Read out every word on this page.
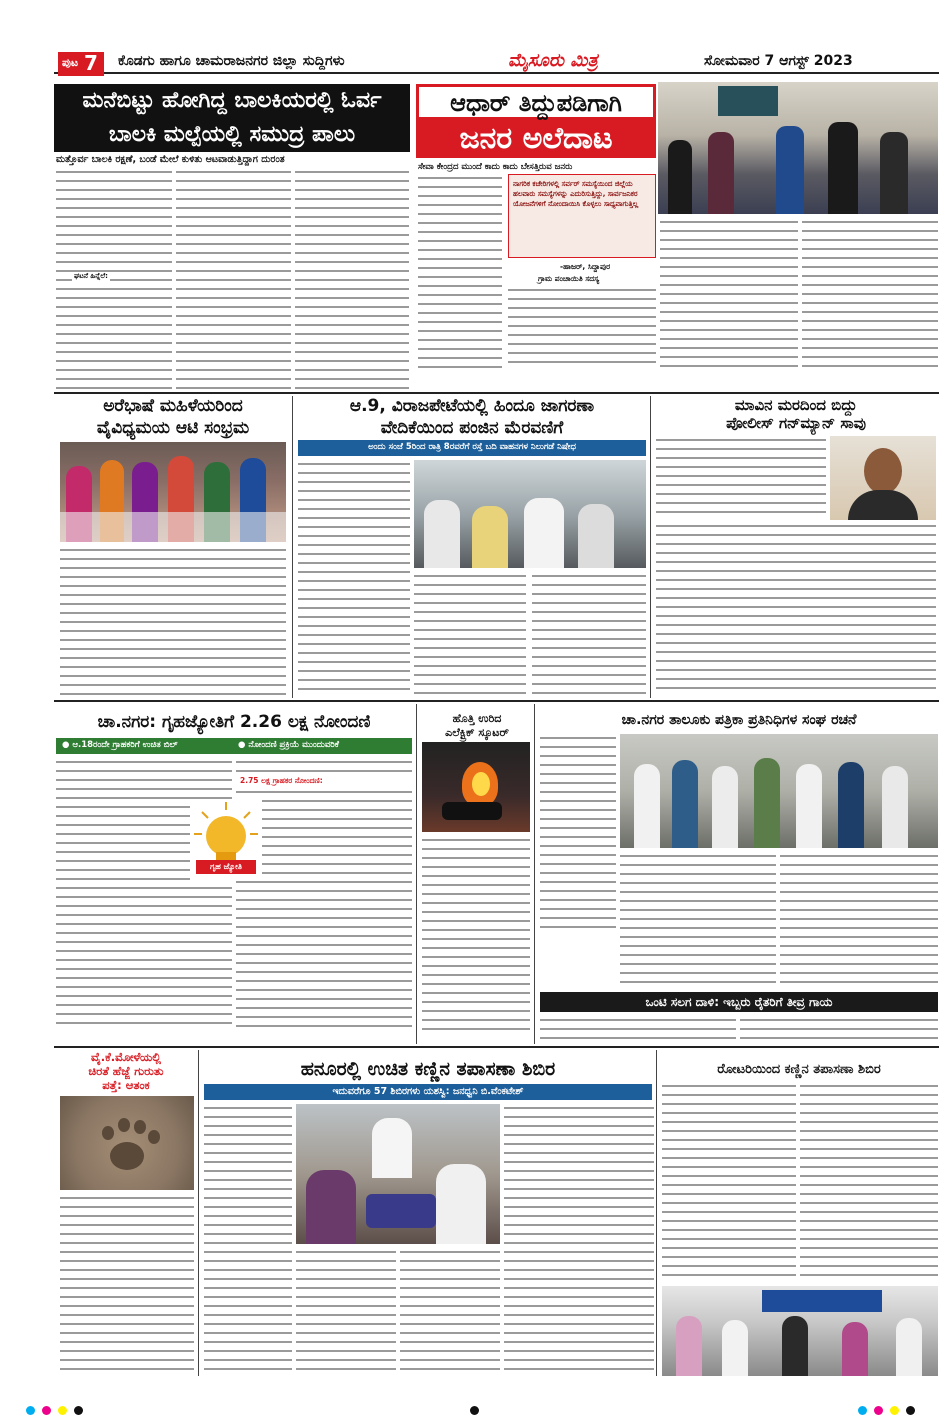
ಪುಟ 7 ಕೊಡಗು ಹಾಗೂ ಚಾಮರಾಜನಗರ ಜಿಲ್ಲಾ ಸುದ್ದಿಗಳು	ಮೈಸೂರು ಮಿತ್ರ	ಸೋಮವಾರ 7 ಆಗಸ್ಟ್ 2023
ಮನೆಬಿಟ್ಟು ಹೋಗಿದ್ದ ಬಾಲಕಿಯರಲ್ಲಿ ಓರ್ವ
ಬಾಲಕಿ ಮಲ್ಪೆಯಲ್ಲಿ ಸಮುದ್ರ ಪಾಲು
ಮತ್ತೊರ್ವ ಬಾಲಕಿ ರಕ್ಷಣೆ, ಬಂಡೆ ಮೇಲೆ ಕುಳಿತು ಆಟವಾಡುತ್ತಿದ್ದಾಗ ದುರಂತ
ಘಟನೆ ಹಿನ್ನೆಲೆ:
ಆಧಾರ್ ತಿದ್ದುಪಡಿಗಾಗಿ
ಜನರ ಅಲೆದಾಟ
ಸೇವಾ ಕೇಂದ್ರದ ಮುಂದೆ ಕಾದು ಕಾದು ಬೇಸತ್ತಿರುವ ಜನರು
ನಾಗರಿಕ ಕಚೇರಿಗಳಲ್ಲಿ ಸರ್ವರ್ ಸಮಸ್ಯೆಯಿಂದ ಜಿಲ್ಲೆಯ ಹಲವಾರು ಸಮಸ್ಯೆಗಳನ್ನು ಎದುರಿಸುತ್ತಿದ್ದು, ಸಾರ್ವಜನಿಕರ ಯೋಜನೆಗಳಿಗೆ ನೋಂದಾಯಿಸಿ ಕೊಳ್ಳಲು ಸಾಧ್ಯವಾಗುತ್ತಿಲ್ಲ
-ಹಾಜರ್, ಸಿದ್ದಾಪುರ
ಗ್ರಾಮ ಪಂಚಾಯಿತಿ ಸದಸ್ಯ
ಅರೆಭಾಷೆ ಮಹಿಳೆಯರಿಂದ
ವೈವಿಧ್ಯಮಯ ಆಟಿ ಸಂಭ್ರಮ
ಆ.9, ವಿರಾಜಪೇಟೆಯಲ್ಲಿ ಹಿಂದೂ ಜಾಗರಣಾ
ವೇದಿಕೆಯಿಂದ ಪಂಜಿನ ಮೆರವಣಿಗೆ
ಅಂದು ಸಂಜೆ 5ರಿಂದ ರಾತ್ರಿ 8ರವರೆಗೆ ರಸ್ತೆ ಬದಿ ವಾಹನಗಳ ನಿಲುಗಡೆ ನಿಷೇಧ
ಮಾವಿನ ಮರದಿಂದ ಬಿದ್ದು
ಪೋಲೀಸ್ ಗನ್‌ಮ್ಯಾನ್ ಸಾವು
ಚಾ.ನಗರ: ಗೃಹಜ್ಯೋತಿಗೆ 2.26 ಲಕ್ಷ ನೋಂದಣಿ
● ಆ.18ರಂದೇ ಗ್ರಾಹಕರಿಗೆ ಉಚಿತ ಬಿಲ್	● ನೋಂದಣಿ ಪ್ರಕ್ರಿಯೆ ಮುಂದುವರಿಕೆ
2.75 ಲಕ್ಷ ಗ್ರಾಹಕರ ನೋಂದಣಿ:
ಗೃಹ ಜ್ಯೋತಿ
ಹೊತ್ತಿ ಉರಿದ
ಎಲೆಕ್ಟ್ರಿಕ್ ಸ್ಕೂಟರ್
ಚಾ.ನಗರ ತಾಲೂಕು ಪತ್ರಿಕಾ ಪ್ರತಿನಿಧಿಗಳ ಸಂಘ ರಚನೆ
ಒಂಟಿ ಸಲಗ ದಾಳಿ: ಇಬ್ಬರು ರೈತರಿಗೆ ತೀವ್ರ ಗಾಯ
ವೈ.ಕೆ.ಮೋಳೆಯಲ್ಲಿ
ಚಿರತೆ ಹೆಜ್ಜೆ ಗುರುತು
ಪತ್ತೆ: ಆತಂಕ
ಹನೂರಲ್ಲಿ ಉಚಿತ ಕಣ್ಣಿನ ತಪಾಸಣಾ ಶಿಬಿರ
ಇದುವರೆಗೂ 57 ಶಿಬಿರಗಳು ಯಶಸ್ವಿ: ಜನಧ್ವನಿ ಬಿ.ವೆಂಕಟೇಶ್
ರೋಟರಿಯಿಂದ ಕಣ್ಣಿನ ತಪಾಸಣಾ ಶಿಬಿರ
